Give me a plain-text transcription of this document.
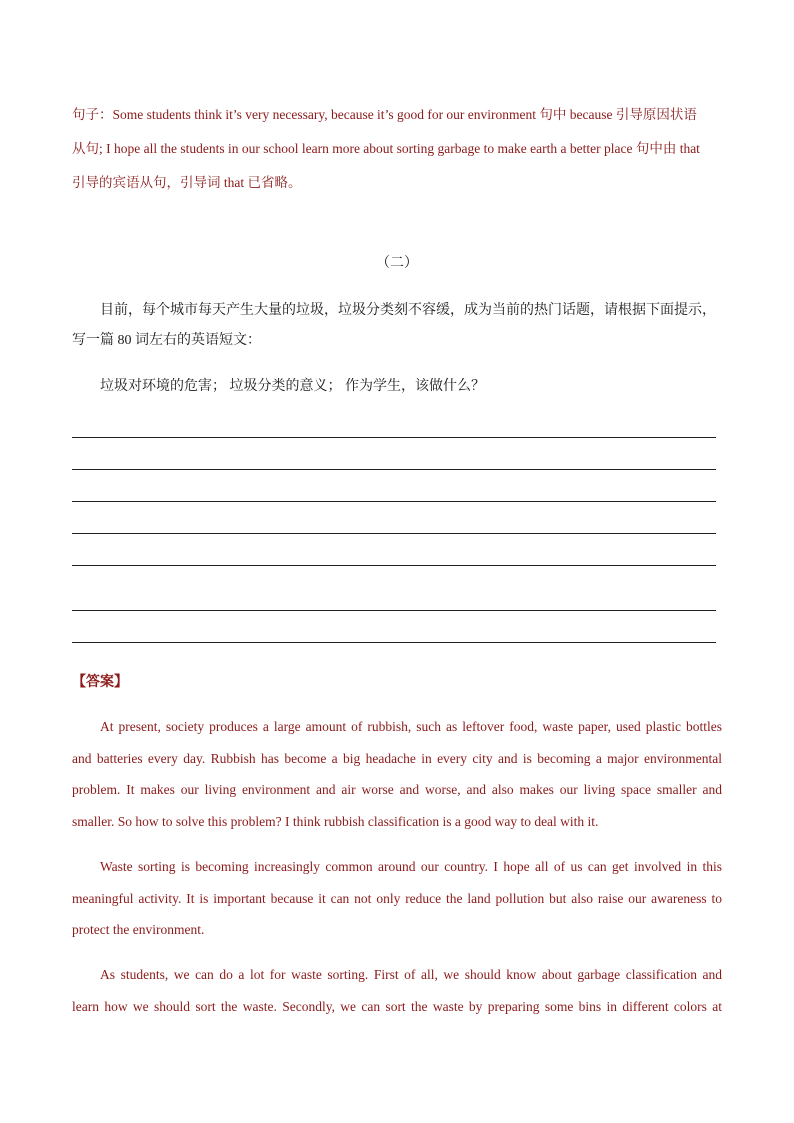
句子：Some students think it’s very necessary, because it’s good for our environment 句中 because 引导原因状语
从句; I hope all the students in our school learn more about sorting garbage to make earth a better place 句中由 that
引导的宾语从句，引导词 that 已省略。
（二）
目前，每个城市每天产生大量的垃圾，垃圾分类刻不容缓，成为当前的热门话题，请根据下面提示，
写一篇 80 词左右的英语短文：
垃圾对环境的危害； 垃圾分类的意义； 作为学生，该做什么？
【答案】
At present, society produces a large amount of rubbish, such as leftover food, waste paper, used plastic bottles
and batteries every day. Rubbish has become a big headache in every city and is becoming a major environmental
problem. It makes our living environment and air worse and worse, and also makes our living space smaller and
smaller. So how to solve this problem? I think rubbish classification is a good way to deal with it.
Waste sorting is becoming increasingly common around our country. I hope all of us can get involved in this
meaningful activity. It is important because it can not only reduce the land pollution but also raise our awareness to
protect the environment.
As students, we can do a lot for waste sorting. First of all, we should know about garbage classification and
learn how we should sort the waste. Secondly, we can sort the waste by preparing some bins in different colors at
